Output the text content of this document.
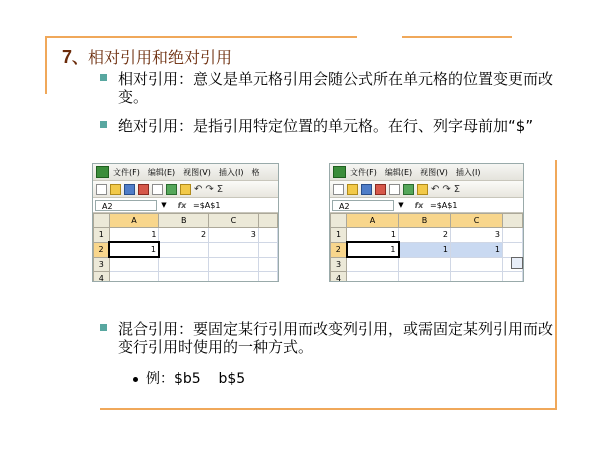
7、相对引用和绝对引用
相对引用：意义是单元格引用会随公式所在单元格的位置变更而改变。
绝对引用：是指引用特定位置的单元格。在行、列字母前加“$”
文件(F) 编辑(E) 视图(V) 插入(I) 格
↶ ↷ Σ
A2	▼	fx =$A$1
	A	B	C	
1	1	2	3	
2	1			
3				
4				
文件(F) 编辑(E) 视图(V) 插入(I)
↶ ↷ Σ
A2	▼	fx =$A$1
	A	B	C	
1	1	2	3	
2	1	1	1	
3				
4				
混合引用：要固定某行引用而改变列引用，或需固定某列引用而改变行引用时使用的一种方式。
例：$b5    b$5
